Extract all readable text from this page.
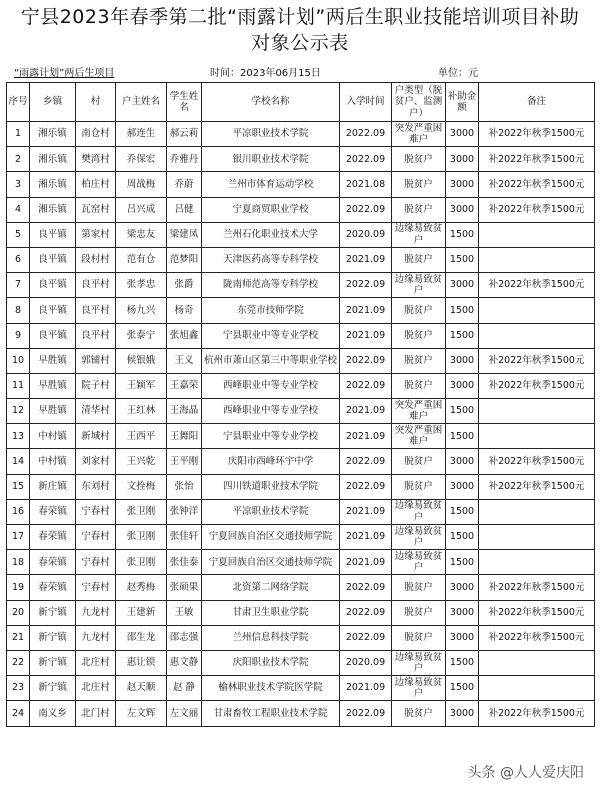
宁县2023年春季第二批“雨露计划”两后生职业技能培训项目补助
对象公示表
“雨露计划”两后生项目	时间：2023年06月15日	单位：元
序号	乡镇	村	户主姓名	学生姓名	学校名称	入学时间	户类型（脱贫户、监测户）	补助金额	备注
1	湘乐镇	南仓村	郝连生	郝云莉	平凉职业技术学院	2022.09	突发严重困难户	3000	补2022年秋季1500元
2	湘乐镇	樊湾村	乔保宏	乔雅丹	银川职业技术学院	2022.09	脱贫户	3000	补2022年秋季1500元
3	湘乐镇	柏庄村	周战梅	乔蔚	兰州市体育运动学校	2021.08	脱贫户	3000	补2022年秋季1500元
4	湘乐镇	瓦窑村	吕兴成	吕健	宁夏商贸职业学校	2022.09	脱贫户	3000	补2022年秋季1500元
5	良平镇	第家村	梁忠友	梁建凤	兰州石化职业技术大学	2020.09	边缘易致贫户	1500	
6	良平镇	段村村	范有仓	范梦阳	天津医药高等专科学校	2021.09	脱贫户	1500	
7	良平镇	良平村	张孝忠	张爵	陇南师范高等专科学校	2022.09	边缘易致贫户	3000	补2022年秋季1500元
8	良平镇	良平村	杨九兴	杨奇	东莞市技师学院	2021.09	脱贫户	1500	
9	良平镇	良平村	张泰宁	张旭鑫	宁县职业中等专业学校	2021.09	脱贫户	1500	
10	早胜镇	郭铺村	候银娥	王义	杭州市萧山区第三中等职业学校	2022.09	脱贫户	3000	补2022年秋季1500元
11	早胜镇	院子村	王颖军	王嘉荣	西峰职业中等专业学校	2022.09	脱贫户	3000	补2022年秋季1500元
12	早胜镇	清华村	王红林	王海晶	西峰职业中等专业学校	2021.09	突发严重困难户	1500	
13	中村镇	新城村	王西平	王舞阳	宁县职业中等专业学校	2021.09	突发严重困难户	1500	
14	中村镇	刘家村	王兴乾	王平刚	庆阳市西峰环宇中学	2022.09	脱贫户	3000	补2022年秋季1500元
15	新庄镇	东刘村	文拴梅	张怡	四川铁道职业技术学院	2022.09	脱贫户	3000	补2022年秋季1500元
16	春荣镇	宁春村	张卫刚	张钟洋	平凉职业技术学院	2021.09	边缘易致贫户	1500	
17	春荣镇	宁春村	张卫刚	张佳轩	宁夏回族自治区交通技师学院	2021.09	边缘易致贫户	1500	
18	春荣镇	宁春村	张卫刚	张佳泰	宁夏回族自治区交通技师学院	2021.09	边缘易致贫户	1500	
19	春荣镇	宁春村	赵秀梅	张硕果	北资第二网络学院	2022.09	脱贫户	3000	补2022年秋季1500元
20	新宁镇	九龙村	王建新	王敏	甘肃卫生职业学院	2022.09	脱贫户	3000	补2022年秋季1500元
21	新宁镇	九龙村	邵生龙	邵志强	兰州信息科技学院	2022.09	脱贫户	3000	补2022年秋季1500元
22	新宁镇	北庄村	惠让锁	惠文静	庆阳职业技术学院	2020.09	边缘易致贫户	1500	
23	新宁镇	北庄村	赵天顺	赵 静	榆林职业技术学院医学院	2021.09	边缘易致贫户	1500	
24	南义乡	北门村	左文辉	左文丽	甘肃畜牧工程职业技术学院	2022.09	脱贫户	3000	补2022年秋季1500元
头条 @人人爱庆阳
